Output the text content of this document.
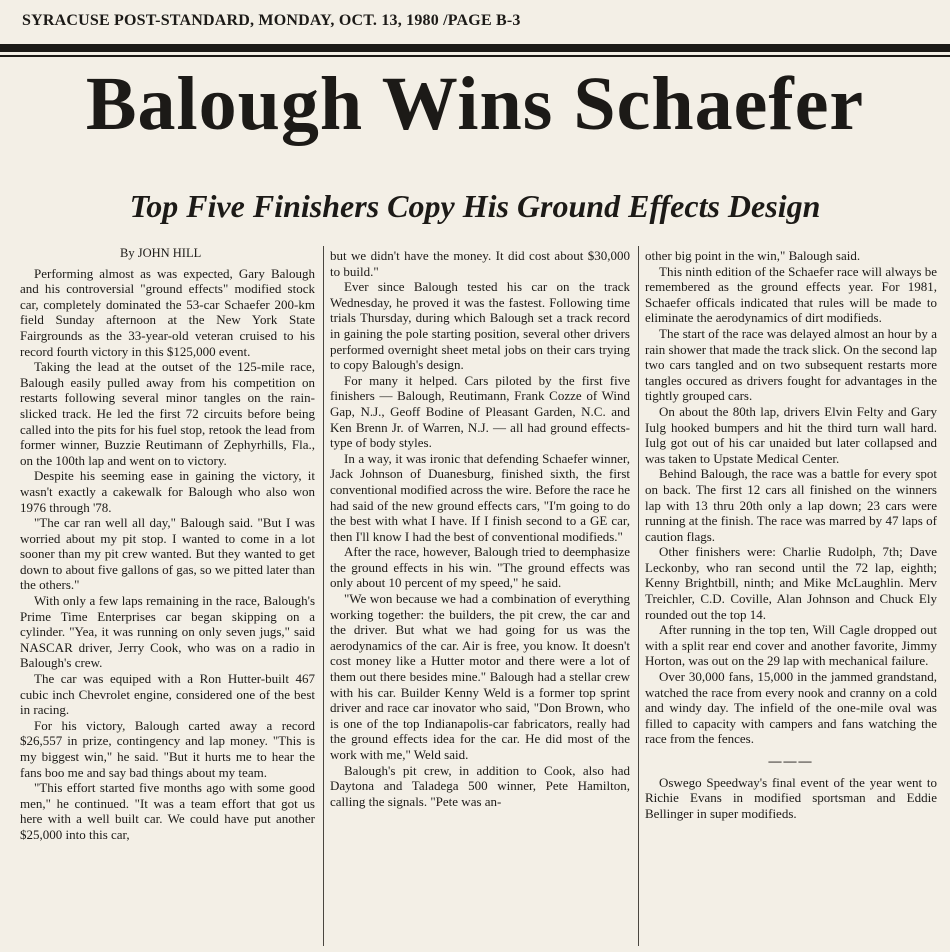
SYRACUSE POST-STANDARD, MONDAY, OCT. 13, 1980 /PAGE B-3
Balough Wins Schaefer
Top Five Finishers Copy His Ground Effects Design

By JOHN HILL

Performing almost as was expected, Gary Balough and his controversial "ground effects" modified stock car, completely dominated the 53-car Schaefer 200-km field Sunday afternoon at the New York State Fairgrounds as the 33-year-old veteran cruised to his record fourth victory in this $125,000 event.

Taking the lead at the outset of the 125-mile race, Balough easily pulled away from his competition on restarts following several minor tangles on the rain-slicked track. He led the first 72 circuits before being called into the pits for his fuel stop, retook the lead from former winner, Buzzie Reutimann of Zephyrhills, Fla., on the 100th lap and went on to victory.

Despite his seeming ease in gaining the victory, it wasn't exactly a cakewalk for Balough who also won 1976 through '78.

"The car ran well all day," Balough said. "But I was worried about my pit stop. I wanted to come in a lot sooner than my pit crew wanted. But they wanted to get down to about five gallons of gas, so we pitted later than the others."

With only a few laps remaining in the race, Balough's Prime Time Enterprises car began skipping on a cylinder. "Yea, it was running on only seven jugs," said NASCAR driver, Jerry Cook, who was on a radio in Balough's crew.

The car was equiped with a Ron Hutter-built 467 cubic inch Chevrolet engine, considered one of the best in racing.

For his victory, Balough carted away a record $26,557 in prize, contingency and lap money. "This is my biggest win," he said. "But it hurts me to hear the fans boo me and say bad things about my team.

"This effort started five months ago with some good men," he continued. "It was a team effort that got us here with a well built car. We could have put another $25,000 into this car,

but we didn't have the money. It did cost about $30,000 to build."

Ever since Balough tested his car on the track Wednesday, he proved it was the fastest. Following time trials Thursday, during which Balough set a track record in gaining the pole starting position, several other drivers performed overnight sheet metal jobs on their cars trying to copy Balough's design.

For many it helped. Cars piloted by the first five finishers — Balough, Reutimann, Frank Cozze of Wind Gap, N.J., Geoff Bodine of Pleasant Garden, N.C. and Ken Brenn Jr. of Warren, N.J. — all had ground effects-type of body styles.

In a way, it was ironic that defending Schaefer winner, Jack Johnson of Duanesburg, finished sixth, the first conventional modified across the wire. Before the race he had said of the new ground effects cars, "I'm going to do the best with what I have. If I finish second to a GE car, then I'll know I had the best of conventional modifieds."

After the race, however, Balough tried to deemphasize the ground effects in his win. "The ground effects was only about 10 percent of my speed," he said.

"We won because we had a combination of everything working together: the builders, the pit crew, the car and the driver. But what we had going for us was the aerodynamics of the car. Air is free, you know. It doesn't cost money like a Hutter motor and there were a lot of them out there besides mine." Balough had a stellar crew with his car. Builder Kenny Weld is a former top sprint driver and race car inovator who said, "Don Brown, who is one of the top Indianapolis-car fabricators, really had the ground effects idea for the car. He did most of the work with me," Weld said.

Balough's pit crew, in addition to Cook, also had Daytona and Taladega 500 winner, Pete Hamilton, calling the signals. "Pete was an-

other big point in the win," Balough said.

This ninth edition of the Schaefer race will always be remembered as the ground effects year. For 1981, Schaefer officals indicated that rules will be made to eliminate the aerodynamics of dirt modifieds.

The start of the race was delayed almost an hour by a rain shower that made the track slick. On the second lap two cars tangled and on two subsequent restarts more tangles occured as drivers fought for advantages in the tightly grouped cars.

On about the 80th lap, drivers Elvin Felty and Gary Iulg hooked bumpers and hit the third turn wall hard. Iulg got out of his car unaided but later collapsed and was taken to Upstate Medical Center.

Behind Balough, the race was a battle for every spot on back. The first 12 cars all finished on the winners lap with 13 thru 20th only a lap down; 23 cars were running at the finish. The race was marred by 47 laps of caution flags.

Other finishers were: Charlie Rudolph, 7th; Dave Leckonby, who ran second until the 72 lap, eighth; Kenny Brightbill, ninth; and Mike McLaughlin. Merv Treichler, C.D. Coville, Alan Johnson and Chuck Ely rounded out the top 14.

After running in the top ten, Will Cagle dropped out with a split rear end cover and another favorite, Jimmy Horton, was out on the 29 lap with mechanical failure.

Over 30,000 fans, 15,000 in the jammed grandstand, watched the race from every nook and cranny on a cold and windy day. The infield of the one-mile oval was filled to capacity with campers and fans watching the race from the fences.

———

Oswego Speedway's final event of the year went to Richie Evans in modified sportsman and Eddie Bellinger in super modifieds.
